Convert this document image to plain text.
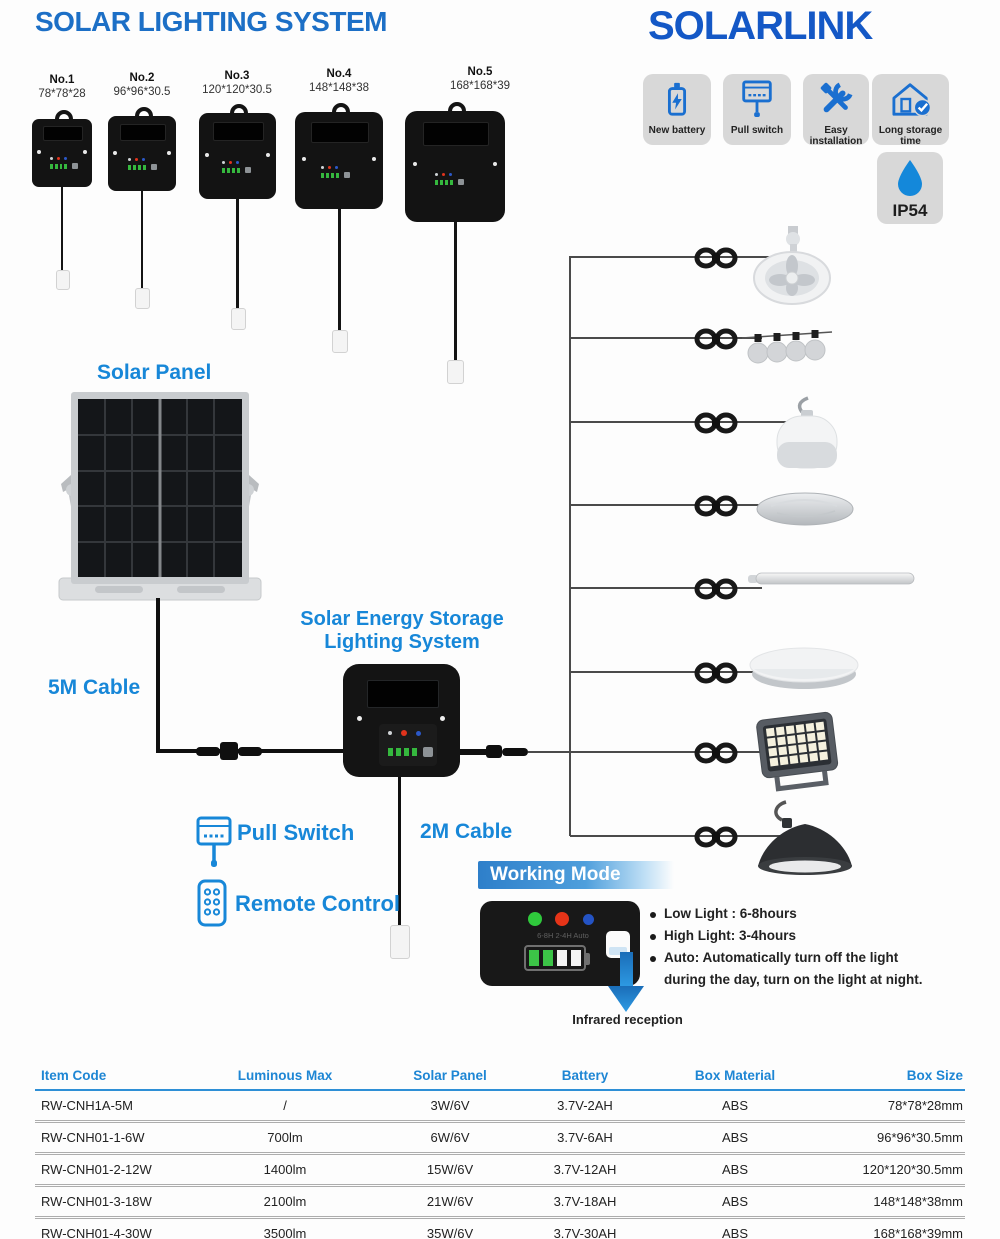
SOLAR LIGHTING SYSTEM	SOLARLINK
New battery	Pull switch	Easy installation
Long storage time
IP54
No.1
78*78*28
No.2
96*96*30.5
No.3
120*120*30.5
No.4
148*148*38
No.5
168*168*39
Solar Panel
5M Cable
Solar Energy Storage
Lighting System
2M Cable
Pull Switch
Remote Control
Working Mode
6-8H 2-4H Auto
Infrared reception
Low Light : 6-8hours
High Light: 3-4hours
Auto: Automatically turn off the light
during the day, turn on the light at night.
Item Code	Luminous Max	Solar Panel	Battery	Box Material	Box Size
RW-CNH1A-5M	/	3W/6V	3.7V-2AH	ABS	78*78*28mm
RW-CNH01-1-6W	700lm	6W/6V	3.7V-6AH	ABS	96*96*30.5mm
RW-CNH01-2-12W	1400lm	15W/6V	3.7V-12AH	ABS	120*120*30.5mm
RW-CNH01-3-18W	2100lm	21W/6V	3.7V-18AH	ABS	148*148*38mm
RW-CNH01-4-30W	3500lm	35W/6V	3.7V-30AH	ABS	168*168*39mm
